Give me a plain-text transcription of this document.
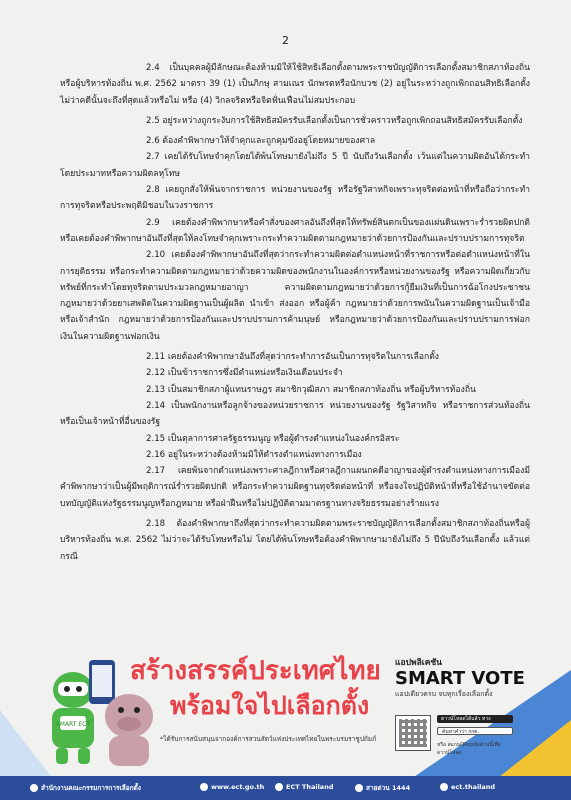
2

2.4 เป็นบุคคลผู้มีลักษณะต้องห้ามมิให้ใช้สิทธิเลือกตั้งตามพระราชบัญญัติการเลือกตั้งสมาชิกสภาท้องถิ่นหรือผู้บริหารท้องถิ่น พ.ศ. 2562 มาตรา 39 (1) เป็นภิกษุ สามเณร นักพรตหรือนักบวช (2) อยู่ในระหว่างถูกเพิกถอนสิทธิเลือกตั้งไม่ว่าคดีนั้นจะถึงที่สุดแล้วหรือไม่ หรือ (4) วิกลจริตหรือจิตฟั่นเฟือนไม่สมประกอบ

2.5 อยู่ระหว่างถูกระงับการใช้สิทธิสมัครรับเลือกตั้งเป็นการชั่วคราวหรือถูกเพิกถอนสิทธิสมัครรับเลือกตั้ง

2.6 ต้องคำพิพากษาให้จำคุกและถูกคุมขังอยู่โดยหมายของศาล

2.7 เคยได้รับโทษจำคุกโดยได้พ้นโทษมายังไม่ถึง 5 ปี นับถึงวันเลือกตั้ง เว้นแต่ในความผิดอันได้กระทำโดยประมาทหรือความผิดลหุโทษ

2.8 เคยถูกสั่งให้พ้นจากราชการ หน่วยงานของรัฐ หรือรัฐวิสาหกิจเพราะทุจริตต่อหน้าที่หรือถือว่ากระทำการทุจริตหรือประพฤติมิชอบในวงราชการ

2.9 เคยต้องคำพิพากษาหรือคำสั่งของศาลอันถึงที่สุดให้ทรัพย์สินตกเป็นของแผ่นดินเพราะร่ำรวยผิดปกติ หรือเคยต้องคำพิพากษาอันถึงที่สุดให้ลงโทษจำคุกเพราะกระทำความผิดตามกฎหมายว่าด้วยการป้องกันและปราบปรามการทุจริต

2.10 เคยต้องคำพิพากษาอันถึงที่สุดว่ากระทำความผิดต่อตำแหน่งหน้าที่ราชการหรือต่อตำแหน่งหน้าที่ในการยุติธรรม หรือกระทำความผิดตามกฎหมายว่าด้วยความผิดของพนักงานในองค์การหรือหน่วยงานของรัฐ หรือความผิดเกี่ยวกับทรัพย์ที่กระทำโดยทุจริตตามประมวลกฎหมายอาญา ความผิดตามกฎหมายว่าด้วยการกู้ยืมเงินที่เป็นการฉ้อโกงประชาชน กฎหมายว่าด้วยยาเสพติดในความผิดฐานเป็นผู้ผลิต นำเข้า ส่งออก หรือผู้ค้า กฎหมายว่าด้วยการพนันในความผิดฐานเป็นเจ้ามือหรือเจ้าสำนัก กฎหมายว่าด้วยการป้องกันและปราบปรามการค้ามนุษย์ หรือกฎหมายว่าด้วยการป้องกันและปราบปรามการฟอกเงินในความผิดฐานฟอกเงิน

2.11 เคยต้องคำพิพากษาอันถึงที่สุดว่ากระทำการอันเป็นการทุจริตในการเลือกตั้ง

2.12 เป็นข้าราชการซึ่งมีตำแหน่งหรือเงินเดือนประจำ

2.13 เป็นสมาชิกสภาผู้แทนราษฎร สมาชิกวุฒิสภา สมาชิกสภาท้องถิ่น หรือผู้บริหารท้องถิ่น

2.14 เป็นพนักงานหรือลูกจ้างของหน่วยราชการ หน่วยงานของรัฐ รัฐวิสาหกิจ หรือราชการส่วนท้องถิ่น หรือเป็นเจ้าหน้าที่อื่นของรัฐ

2.15 เป็นตุลาการศาลรัฐธรรมนูญ หรือผู้ดำรงตำแหน่งในองค์กรอิสระ

2.16 อยู่ในระหว่างต้องห้ามมิให้ดำรงตำแหน่งทางการเมือง

2.17 เคยพ้นจากตำแหน่งเพราะศาลฎีกาหรือศาลฎีกาแผนกคดีอาญาของผู้ดำรงตำแหน่งทางการเมืองมีคำพิพากษาว่าเป็นผู้มีพฤติการณ์ร่ำรวยผิดปกติ หรือกระทำความผิดฐานทุจริตต่อหน้าที่ หรือจงใจปฏิบัติหน้าที่หรือใช้อำนาจขัดต่อบทบัญญัติแห่งรัฐธรรมนูญหรือกฎหมาย หรือฝ่าฝืนหรือไม่ปฏิบัติตามมาตรฐานทางจริยธรรมอย่างร้ายแรง

2.18 ต้องคำพิพากษาถึงที่สุดว่ากระทำความผิดตามพระราชบัญญัติการเลือกตั้งสมาชิกสภาท้องถิ่นหรือผู้บริหารท้องถิ่น พ.ศ. 2562 ไม่ว่าจะได้รับโทษหรือไม่ โดยได้พ้นโทษหรือต้องคำพิพากษามายังไม่ถึง 5 ปีนับถึงวันเลือกตั้ง แล้วแต่กรณี

SMART ECT
สร้างสรรค์ประเทศไทย
พร้อมใจไปเลือกตั้ง
*ได้รับการสนับสนุนจากองค์การสวนสัตว์แห่งประเทศไทยในพระบรมราชูปถัมภ์
แอปพลิเคชัน
SMART VOTE
แอปเดียวครบ จบทุกเรื่องเลือกตั้ง
ดาวน์โหลดได้แล้ว ทาง
ค้นหาคำว่า กกต.
หรือ สแกนQRcodeด้านนี้เพื่อดาวน์โหลด
สำนักงานคณะกรรมการการเลือกตั้ง	www.ect.go.th	ECT Thailand	สายด่วน 1444	ect.thailand
